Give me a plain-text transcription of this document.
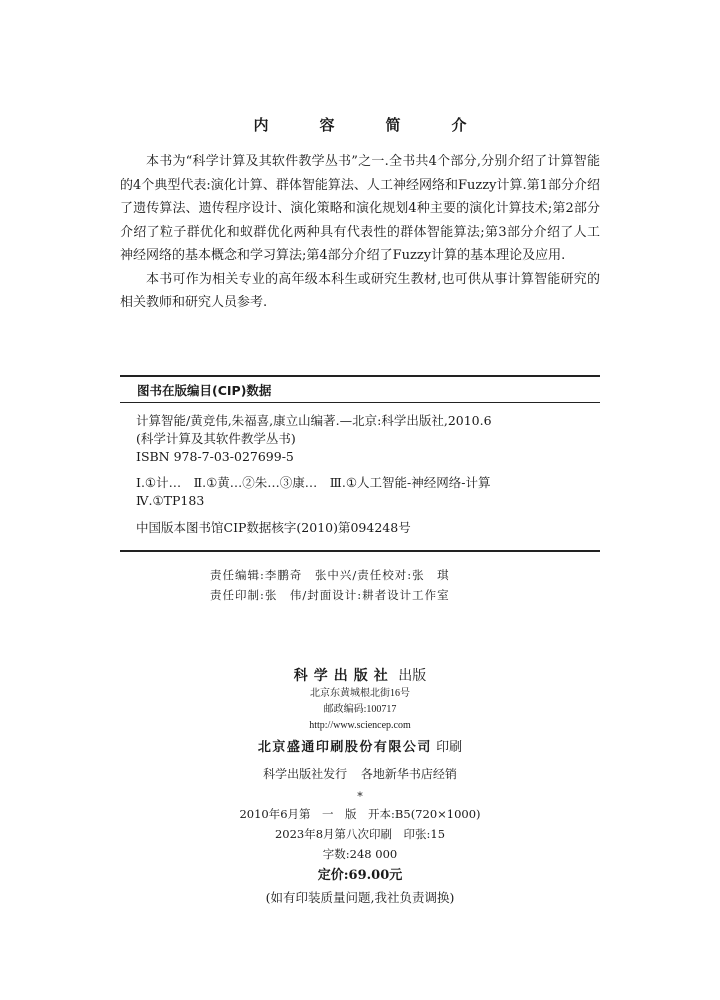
内　容　简　介

本书为“科学计算及其软件教学丛书”之一.全书共4个部分,分别介绍了计算智能的4个典型代表:演化计算、群体智能算法、人工神经网络和Fuzzy计算.第1部分介绍了遗传算法、遗传程序设计、演化策略和演化规划4种主要的演化计算技术;第2部分介绍了粒子群优化和蚁群优化两种具有代表性的群体智能算法;第3部分介绍了人工神经网络的基本概念和学习算法;第4部分介绍了Fuzzy计算的基本理论及应用.

本书可作为相关专业的高年级本科生或研究生教材,也可供从事计算智能研究的相关教师和研究人员参考.

图书在版编目(CIP)数据
计算智能/黄竞伟,朱福喜,康立山编著.—北京:科学出版社,2010.6
(科学计算及其软件教学丛书)
ISBN 978-7-03-027699-5
Ⅰ.①计…　Ⅱ.①黄…②朱…③康…　Ⅲ.①人工智能-神经网络-计算
Ⅳ.①TP183
中国版本图书馆CIP数据核字(2010)第094248号
责任编辑:李鹏奇　张中兴/责任校对:张　琪
责任印制:张　伟/封面设计:耕者设计工作室
科学出版社 出版
北京东黄城根北街16号
邮政编码:100717
http://www.sciencep.com
北京盛通印刷股份有限公司 印刷
科学出版社发行 各地新华书店经销
*
2010年6月第　一　版　开本:B5(720×1000)
2023年8月第八次印刷　印张:15
字数:248 000
定价:69.00元
(如有印装质量问题,我社负责调换)
